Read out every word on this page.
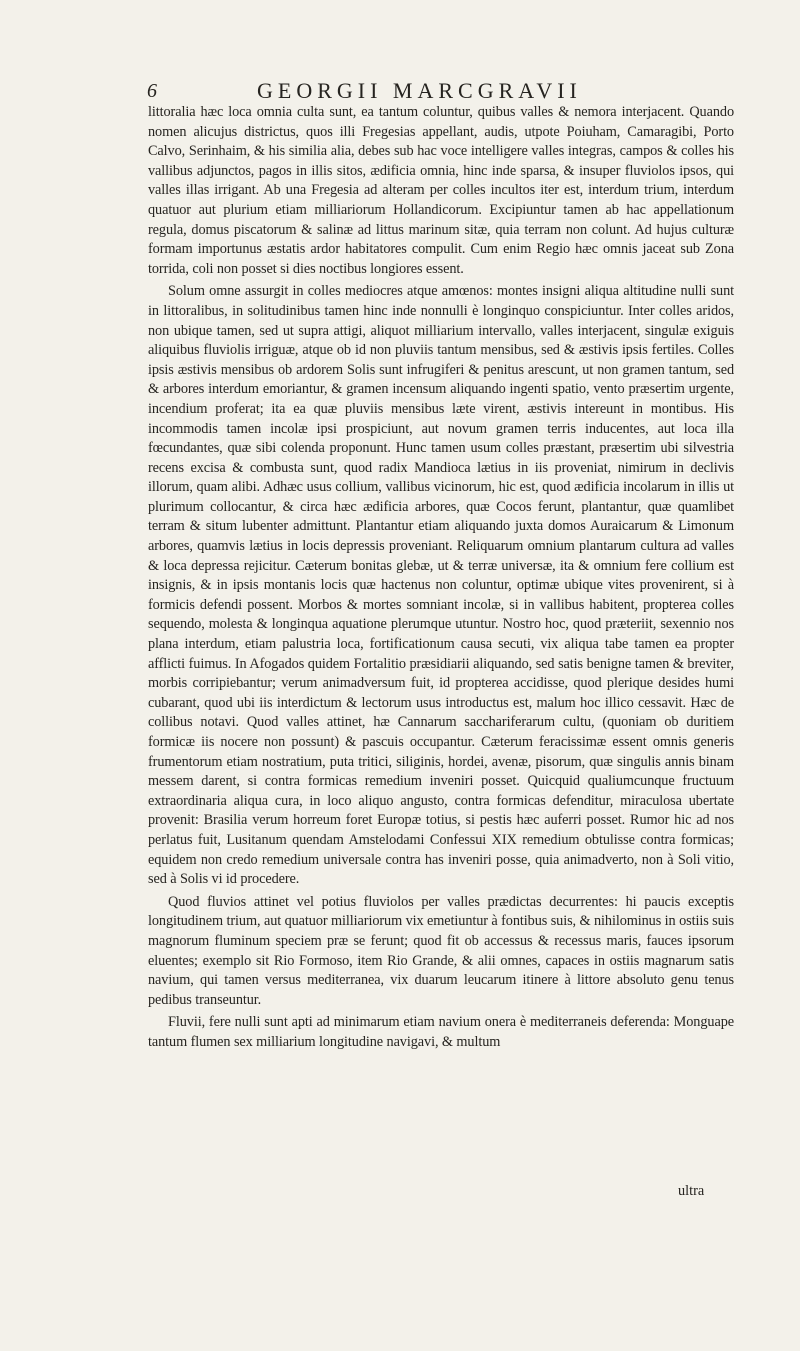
6	GEORGII MARCGRAVII

littoralia hæc loca omnia culta sunt, ea tantum coluntur, quibus valles & nemora interjacent. Quando nomen alicujus districtus, quos illi Fregesias appellant, audis, utpote Poiuham, Camaragibi, Porto Calvo, Serinhaim, & his similia alia, debes sub hac voce intelligere valles integras, campos & colles his vallibus adjunctos, pagos in illis sitos, ædificia omnia, hinc inde sparsa, & insuper fluviolos ipsos, qui valles illas irrigant. Ab una Fregesia ad alteram per colles incultos iter est, interdum trium, interdum quatuor aut plurium etiam milliariorum Hollandicorum. Excipiuntur tamen ab hac appellationum regula, domus piscatorum & salinæ ad littus marinum sitæ, quia terram non colunt. Ad hujus culturæ formam importunus æstatis ardor habitatores compulit. Cum enim Regio hæc omnis jaceat sub Zona torrida, coli non posset si dies noctibus longiores essent.

Solum omne assurgit in colles mediocres atque amœnos: montes insigni aliqua altitudine nulli sunt in littoralibus, in solitudinibus tamen hinc inde nonnulli è longinquo conspiciuntur. Inter colles aridos, non ubique tamen, sed ut supra attigi, aliquot milliarium intervallo, valles interjacent, singulæ exiguis aliquibus fluviolis irriguæ, atque ob id non pluviis tantum mensibus, sed & æstivis ipsis fertiles. Colles ipsis æstivis mensibus ob ardorem Solis sunt infrugiferi & penitus arescunt, ut non gramen tantum, sed & arbores interdum emoriantur, & gramen incensum aliquando ingenti spatio, vento præsertim urgente, incendium proferat; ita ea quæ pluviis mensibus læte virent, æstivis intereunt in montibus. His incommodis tamen incolæ ipsi prospiciunt, aut novum gramen terris inducentes, aut loca illa fœcundantes, quæ sibi colenda proponunt. Hunc tamen usum colles præstant, præsertim ubi silvestria recens excisa & combusta sunt, quod radix Mandioca lætius in iis proveniat, nimirum in declivis illorum, quam alibi. Adhæc usus collium, vallibus vicinorum, hic est, quod ædificia incolarum in illis ut plurimum collocantur, & circa hæc ædificia arbores, quæ Cocos ferunt, plantantur, quæ quamlibet terram & situm lubenter admittunt. Plantantur etiam aliquando juxta domos Auraicarum & Limonum arbores, quamvis lætius in locis depressis proveniant. Reliquarum omnium plantarum cultura ad valles & loca depressa rejicitur. Cæterum bonitas glebæ, ut & terræ universæ, ita & omnium fere collium est insignis, & in ipsis montanis locis quæ hactenus non coluntur, optimæ ubique vites provenirent, si à formicis defendi possent. Morbos & mortes somniant incolæ, si in vallibus habitent, propterea colles sequendo, molesta & longinqua aquatione plerumque utuntur. Nostro hoc, quod præteriit, sexennio nos plana interdum, etiam palustria loca, fortificationum causa secuti, vix aliqua tabe tamen ea propter afflicti fuimus. In Afogados quidem Fortalitio præsidiarii aliquando, sed satis benigne tamen & breviter, morbis corripiebantur; verum animadversum fuit, id propterea accidisse, quod plerique desides humi cubarant, quod ubi iis interdictum & lectorum usus introductus est, malum hoc illico cessavit. Hæc de collibus notavi. Quod valles attinet, hæ Cannarum sacchariferarum cultu, (quoniam ob duritiem formicæ iis nocere non possunt) & pascuis occupantur. Cæterum feracissimæ essent omnis generis frumentorum etiam nostratium, puta tritici, siliginis, hordei, avenæ, pisorum, quæ singulis annis binam messem darent, si contra formicas remedium inveniri posset. Quicquid qualiumcunque fructuum extraordinaria aliqua cura, in loco aliquo angusto, contra formicas defenditur, miraculosa ubertate provenit: Brasilia verum horreum foret Europæ totius, si pestis hæc auferri posset. Rumor hic ad nos perlatus fuit, Lusitanum quendam Amstelodami Confessui XIX remedium obtulisse contra formicas; equidem non credo remedium universale contra has inveniri posse, quia animadverto, non à Soli vitio, sed à Solis vi id procedere.

Quod fluvios attinet vel potius fluviolos per valles prædictas decurrentes: hi paucis exceptis longitudinem trium, aut quatuor milliariorum vix emetiuntur à fontibus suis, & nihilominus in ostiis suis magnorum fluminum speciem præ se ferunt; quod fit ob accessus & recessus maris, fauces ipsorum eluentes; exemplo sit Rio Formoso, item Rio Grande, & alii omnes, capaces in ostiis magnarum satis navium, qui tamen versus mediterranea, vix duarum leucarum itinere à littore absoluto genu tenus pedibus transeuntur.

Fluvii, fere nulli sunt apti ad minimarum etiam navium onera è mediterraneis deferenda: Monguape tantum flumen sex milliarium longitudine navigavi, & multum

ultra
